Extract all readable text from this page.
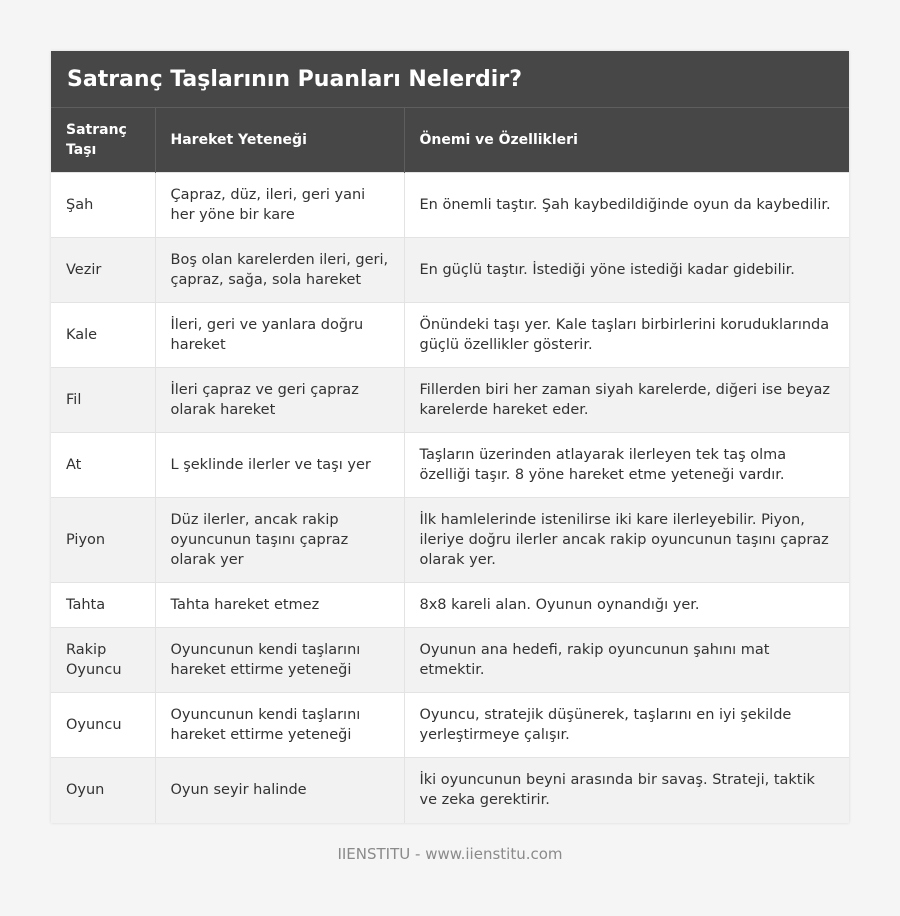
Satranç Taşlarının Puanları Nelerdir?
Satranç Taşı	Hareket Yeteneği	Önemi ve Özellikleri
Şah	Çapraz, düz, ileri, geri yani her yöne bir kare	En önemli taştır. Şah kaybedildiğinde oyun da kaybedilir.
Vezir	Boş olan karelerden ileri, geri, çapraz, sağa, sola hareket	En güçlü taştır. İstediği yöne istediği kadar gidebilir.
Kale	İleri, geri ve yanlara doğru hareket	Önündeki taşı yer. Kale taşları birbirlerini koruduklarında güçlü özellikler gösterir.
Fil	İleri çapraz ve geri çapraz olarak hareket	Fillerden biri her zaman siyah karelerde, diğeri ise beyaz karelerde hareket eder.
At	L şeklinde ilerler ve taşı yer	Taşların üzerinden atlayarak ilerleyen tek taş olma özelliği taşır. 8 yöne hareket etme yeteneği vardır.
Piyon	Düz ilerler, ancak rakip oyuncunun taşını çapraz olarak yer	İlk hamlelerinde istenilirse iki kare ilerleyebilir. Piyon, ileriye doğru ilerler ancak rakip oyuncunun taşını çapraz olarak yer.
Tahta	Tahta hareket etmez	8x8 kareli alan. Oyunun oynandığı yer.
Rakip Oyuncu	Oyuncunun kendi taşlarını hareket ettirme yeteneği	Oyunun ana hedefi, rakip oyuncunun şahını mat etmektir.
Oyuncu	Oyuncunun kendi taşlarını hareket ettirme yeteneği	Oyuncu, stratejik düşünerek, taşlarını en iyi şekilde yerleştirmeye çalışır.
Oyun	Oyun seyir halinde	İki oyuncunun beyni arasında bir savaş. Strateji, taktik ve zeka gerektirir.
IIENSTITU - www.iienstitu.com
